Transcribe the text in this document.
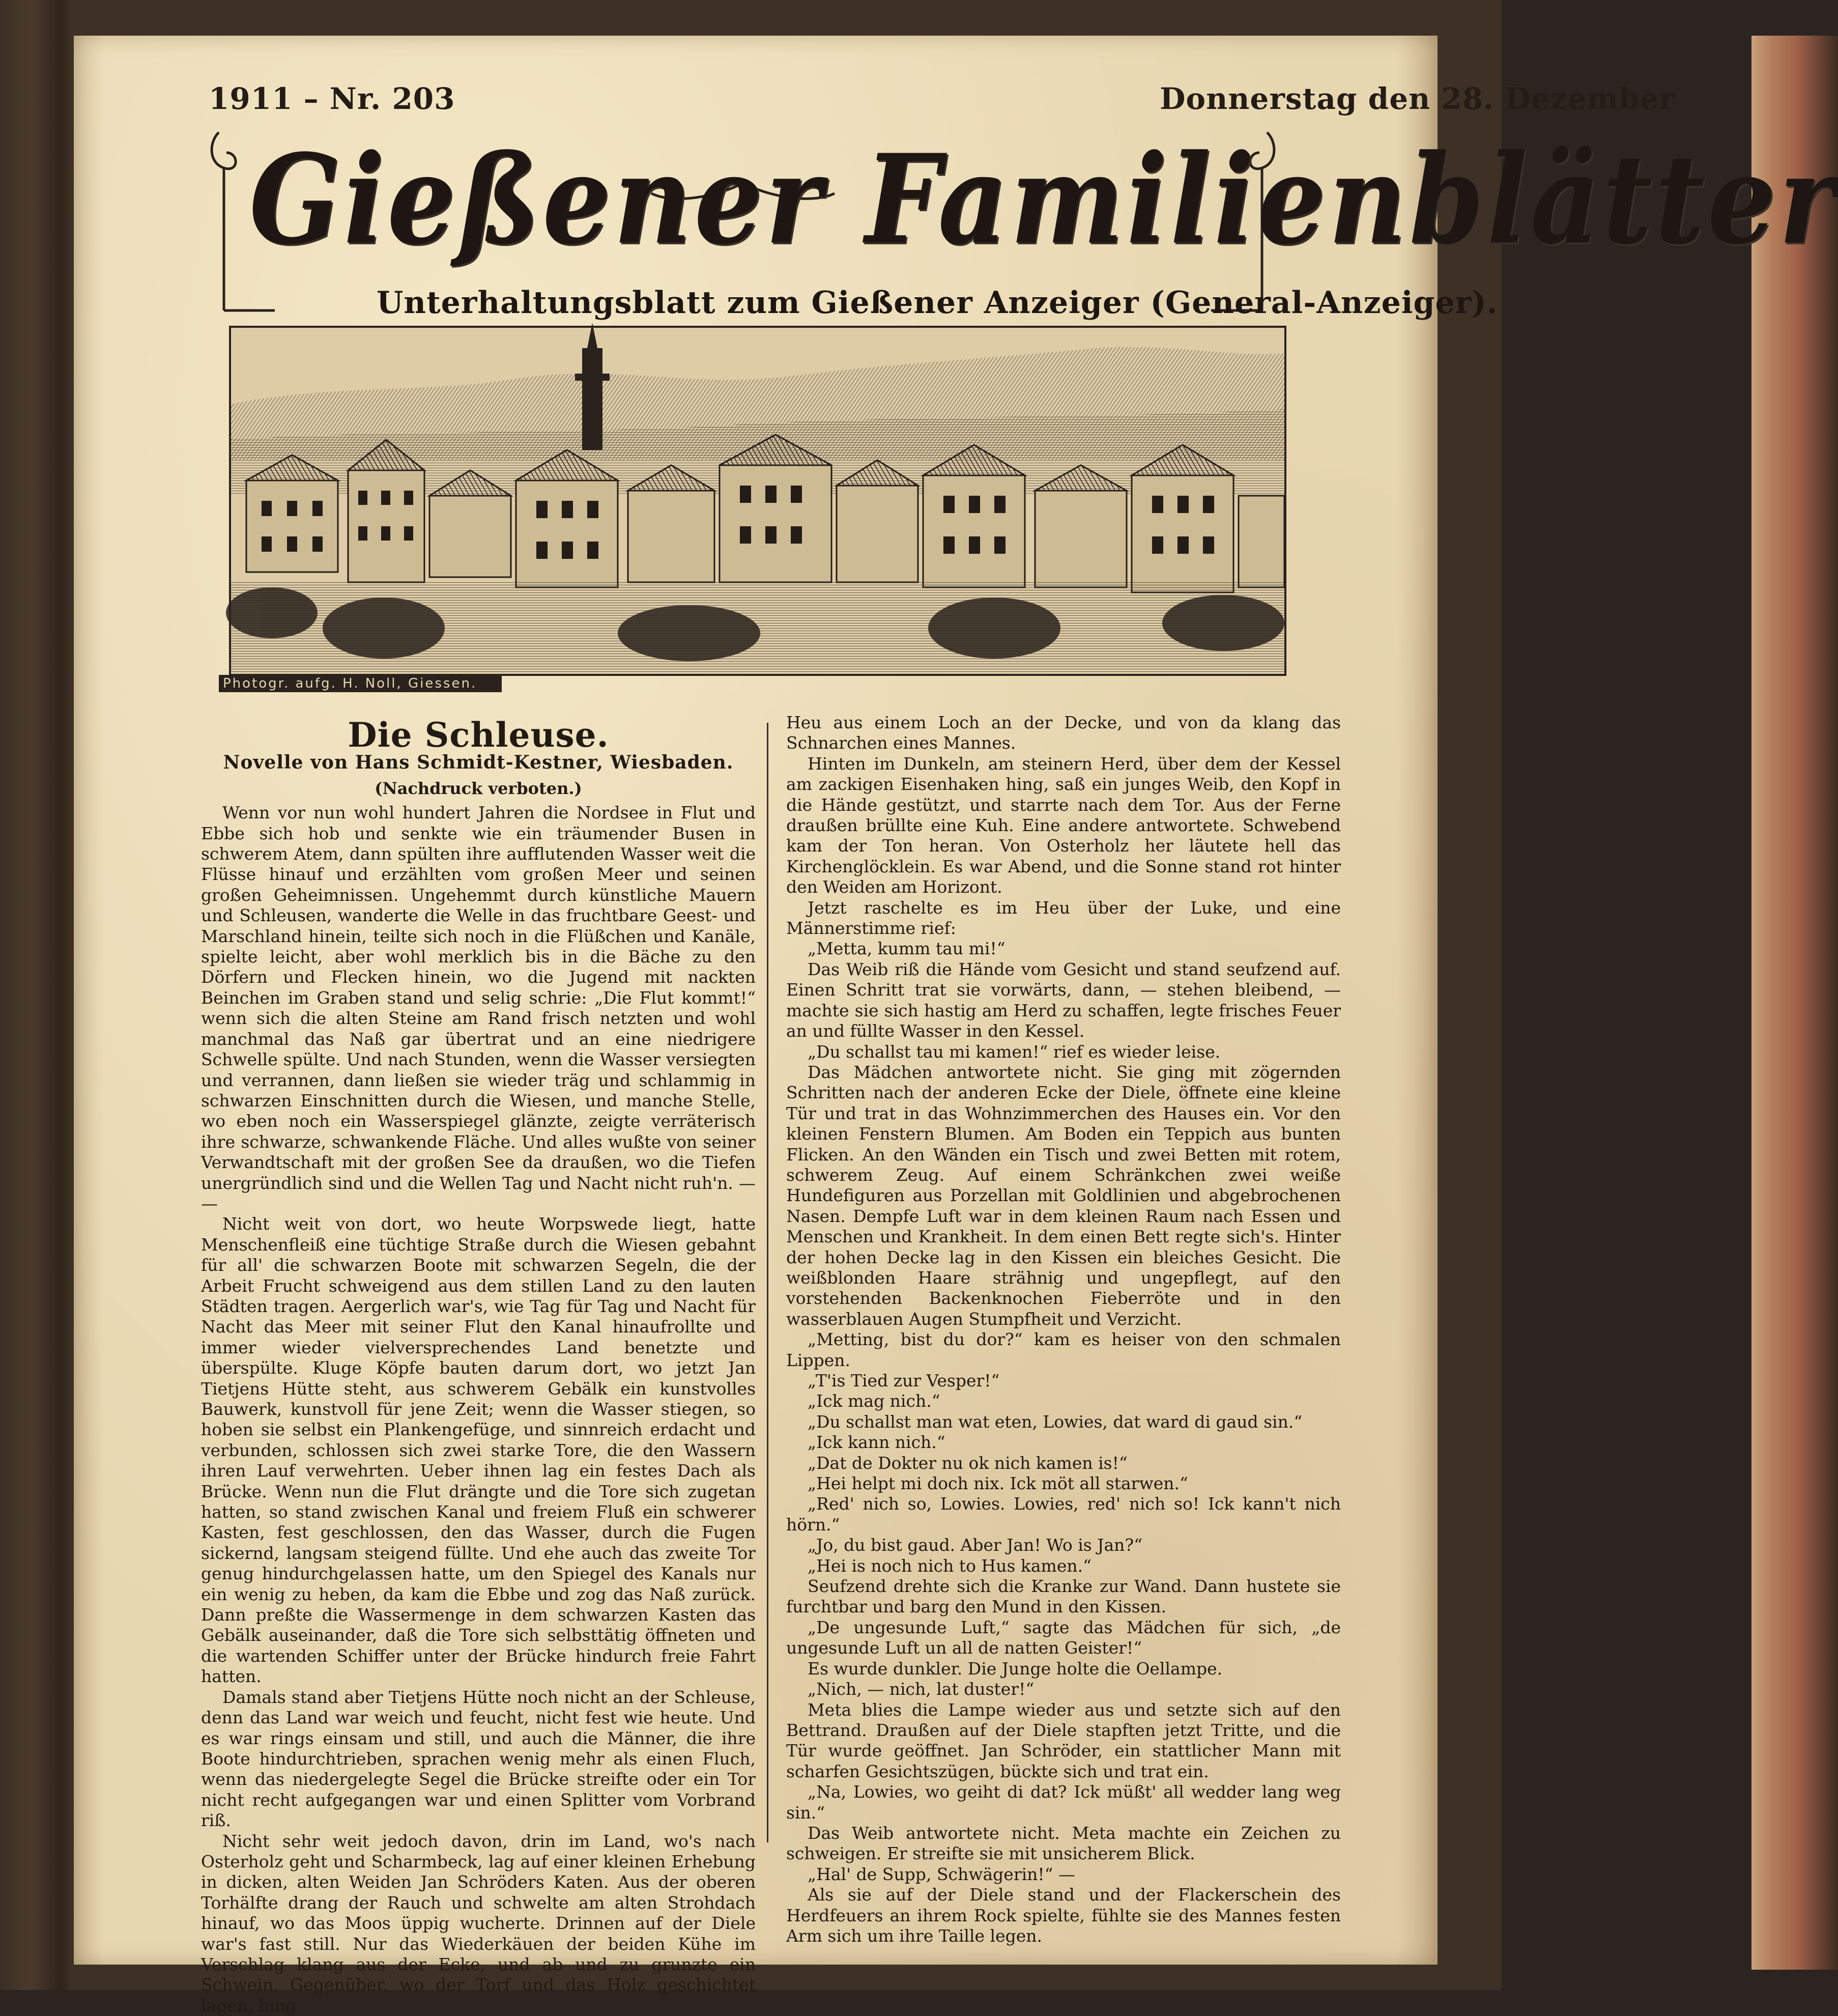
1911 – Nr. 203	Donnerstag den 28. Dezember
Gießener Familienblätter
Unterhaltungsblatt zum Gießener Anzeiger (General-Anzeiger).
Photogr. aufg. H. Noll, Giessen.
Die Schleuse.
Novelle von Hans Schmidt-Kestner, Wiesbaden.
(Nachdruck verboten.)

Wenn vor nun wohl hundert Jahren die Nordsee in Flut und Ebbe sich hob und senkte wie ein träumender Busen in schwerem Atem, dann spülten ihre aufflutenden Wasser weit die Flüsse hinauf und erzählten vom großen Meer und seinen großen Geheimnissen. Ungehemmt durch künstliche Mauern und Schleusen, wanderte die Welle in das fruchtbare Geest- und Marschland hinein, teilte sich noch in die Flüßchen und Kanäle, spielte leicht, aber wohl merklich bis in die Bäche zu den Dörfern und Flecken hinein, wo die Jugend mit nackten Beinchen im Graben stand und selig schrie: „Die Flut kommt!“ wenn sich die alten Steine am Rand frisch netzten und wohl manchmal das Naß gar übertrat und an eine niedrigere Schwelle spülte. Und nach Stunden, wenn die Wasser versiegten und verrannen, dann ließen sie wieder träg und schlammig in schwarzen Einschnitten durch die Wiesen, und manche Stelle, wo eben noch ein Wasserspiegel glänzte, zeigte verräterisch ihre schwarze, schwankende Fläche. Und alles wußte von seiner Verwandtschaft mit der großen See da draußen, wo die Tiefen unergründlich sind und die Wellen Tag und Nacht nicht ruh'n. — —

Nicht weit von dort, wo heute Worpswede liegt, hatte Menschenfleiß eine tüchtige Straße durch die Wiesen gebahnt für all' die schwarzen Boote mit schwarzen Segeln, die der Arbeit Frucht schweigend aus dem stillen Land zu den lauten Städten tragen. Aergerlich war's, wie Tag für Tag und Nacht für Nacht das Meer mit seiner Flut den Kanal hinaufrollte und immer wieder vielversprechendes Land benetzte und überspülte. Kluge Köpfe bauten darum dort, wo jetzt Jan Tietjens Hütte steht, aus schwerem Gebälk ein kunstvolles Bauwerk, kunstvoll für jene Zeit; wenn die Wasser stiegen, so hoben sie selbst ein Plankengefüge, und sinnreich erdacht und verbunden, schlossen sich zwei starke Tore, die den Wassern ihren Lauf verwehrten. Ueber ihnen lag ein festes Dach als Brücke. Wenn nun die Flut drängte und die Tore sich zugetan hatten, so stand zwischen Kanal und freiem Fluß ein schwerer Kasten, fest geschlossen, den das Wasser, durch die Fugen sickernd, langsam steigend füllte. Und ehe auch das zweite Tor genug hindurchgelassen hatte, um den Spiegel des Kanals nur ein wenig zu heben, da kam die Ebbe und zog das Naß zurück. Dann preßte die Wassermenge in dem schwarzen Kasten das Gebälk auseinander, daß die Tore sich selbsttätig öffneten und die wartenden Schiffer unter der Brücke hindurch freie Fahrt hatten.

Damals stand aber Tietjens Hütte noch nicht an der Schleuse, denn das Land war weich und feucht, nicht fest wie heute. Und es war rings einsam und still, und auch die Männer, die ihre Boote hindurchtrieben, sprachen wenig mehr als einen Fluch, wenn das niedergelegte Segel die Brücke streifte oder ein Tor nicht recht aufgegangen war und einen Splitter vom Vorbrand riß.

Nicht sehr weit jedoch davon, drin im Land, wo's nach Osterholz geht und Scharmbeck, lag auf einer kleinen Erhebung in dicken, alten Weiden Jan Schröders Katen. Aus der oberen Torhälfte drang der Rauch und schwelte am alten Strohdach hinauf, wo das Moos üppig wucherte. Drinnen auf der Diele war's fast still. Nur das Wiederkäuen der beiden Kühe im Verschlag klang aus der Ecke, und ab und zu grunzte ein Schwein. Gegenüber, wo der Torf und das Holz geschichtet lagen, hing

Heu aus einem Loch an der Decke, und von da klang das Schnarchen eines Mannes.

Hinten im Dunkeln, am steinern Herd, über dem der Kessel am zackigen Eisenhaken hing, saß ein junges Weib, den Kopf in die Hände gestützt, und starrte nach dem Tor. Aus der Ferne draußen brüllte eine Kuh. Eine andere antwortete. Schwebend kam der Ton heran. Von Osterholz her läutete hell das Kirchenglöcklein. Es war Abend, und die Sonne stand rot hinter den Weiden am Horizont.

Jetzt raschelte es im Heu über der Luke, und eine Männerstimme rief:

„Metta, kumm tau mi!“

Das Weib riß die Hände vom Gesicht und stand seufzend auf. Einen Schritt trat sie vorwärts, dann, — stehen bleibend, — machte sie sich hastig am Herd zu schaffen, legte frisches Feuer an und füllte Wasser in den Kessel.

„Du schallst tau mi kamen!“ rief es wieder leise.

Das Mädchen antwortete nicht. Sie ging mit zögernden Schritten nach der anderen Ecke der Diele, öffnete eine kleine Tür und trat in das Wohnzimmerchen des Hauses ein. Vor den kleinen Fenstern Blumen. Am Boden ein Teppich aus bunten Flicken. An den Wänden ein Tisch und zwei Betten mit rotem, schwerem Zeug. Auf einem Schränkchen zwei weiße Hundefiguren aus Porzellan mit Goldlinien und abgebrochenen Nasen. Dempfe Luft war in dem kleinen Raum nach Essen und Menschen und Krankheit. In dem einen Bett regte sich's. Hinter der hohen Decke lag in den Kissen ein bleiches Gesicht. Die weißblonden Haare strähnig und ungepflegt, auf den vorstehenden Backenknochen Fieberröte und in den wasserblauen Augen Stumpfheit und Verzicht.

„Metting, bist du dor?“ kam es heiser von den schmalen Lippen.

„T'is Tied zur Vesper!“

„Ick mag nich.“

„Du schallst man wat eten, Lowies, dat ward di gaud sin.“

„Ick kann nich.“

„Dat de Dokter nu ok nich kamen is!“

„Hei helpt mi doch nix. Ick möt all starwen.“

„Red' nich so, Lowies. Lowies, red' nich so! Ick kann't nich hörn.“

„Jo, du bist gaud. Aber Jan! Wo is Jan?“

„Hei is noch nich to Hus kamen.“

Seufzend drehte sich die Kranke zur Wand. Dann hustete sie furchtbar und barg den Mund in den Kissen.

„De ungesunde Luft,“ sagte das Mädchen für sich, „de ungesunde Luft un all de natten Geister!“

Es wurde dunkler. Die Junge holte die Oellampe.

„Nich, — nich, lat duster!“

Meta blies die Lampe wieder aus und setzte sich auf den Bettrand. Draußen auf der Diele stapften jetzt Tritte, und die Tür wurde geöffnet. Jan Schröder, ein stattlicher Mann mit scharfen Gesichtszügen, bückte sich und trat ein.

„Na, Lowies, wo geiht di dat? Ick müßt' all wedder lang weg sin.“

Das Weib antwortete nicht. Meta machte ein Zeichen zu schweigen. Er streifte sie mit unsicherem Blick.

„Hal' de Supp, Schwägerin!“ —

Als sie auf der Diele stand und der Flackerschein des Herdfeuers an ihrem Rock spielte, fühlte sie des Mannes festen Arm sich um ihre Taille legen.
